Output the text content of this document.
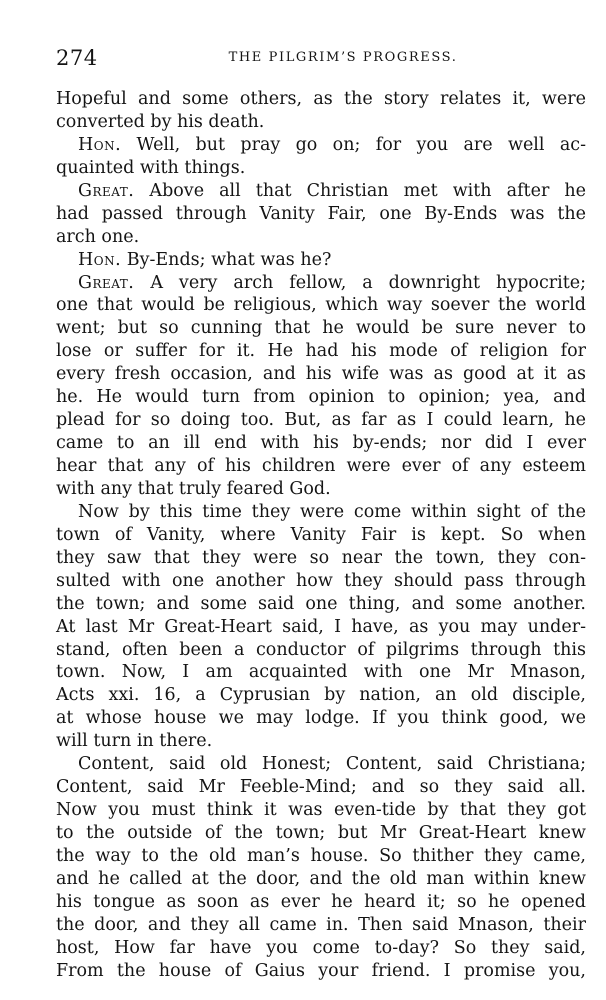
274	THE PILGRIM’S PROGRESS.
Hopeful and some others, as the story relates it, were
converted by his death.
Hon. Well, but pray go on; for you are well ac-
quainted with things.
Great. Above all that Christian met with after he
had passed through Vanity Fair, one By-Ends was the
arch one.
Hon. By-Ends; what was he?
Great. A very arch fellow, a downright hypocrite;
one that would be religious, which way soever the world
went; but so cunning that he would be sure never to
lose or suffer for it. He had his mode of religion for
every fresh occasion, and his wife was as good at it as
he. He would turn from opinion to opinion; yea, and
plead for so doing too. But, as far as I could learn, he
came to an ill end with his by-ends; nor did I ever
hear that any of his children were ever of any esteem
with any that truly feared God.
Now by this time they were come within sight of the
town of Vanity, where Vanity Fair is kept. So when
they saw that they were so near the town, they con-
sulted with one another how they should pass through
the town; and some said one thing, and some another.
At last Mr Great-Heart said, I have, as you may under-
stand, often been a conductor of pilgrims through this
town. Now, I am acquainted with one Mr Mnason,
Acts xxi. 16, a Cyprusian by nation, an old disciple,
at whose house we may lodge. If you think good, we
will turn in there.
Content, said old Honest; Content, said Christiana;
Content, said Mr Feeble-Mind; and so they said all.
Now you must think it was even-tide by that they got
to the outside of the town; but Mr Great-Heart knew
the way to the old man’s house. So thither they came,
and he called at the door, and the old man within knew
his tongue as soon as ever he heard it; so he opened
the door, and they all came in. Then said Mnason, their
host, How far have you come to-day? So they said,
From the house of Gaius your friend. I promise you,
